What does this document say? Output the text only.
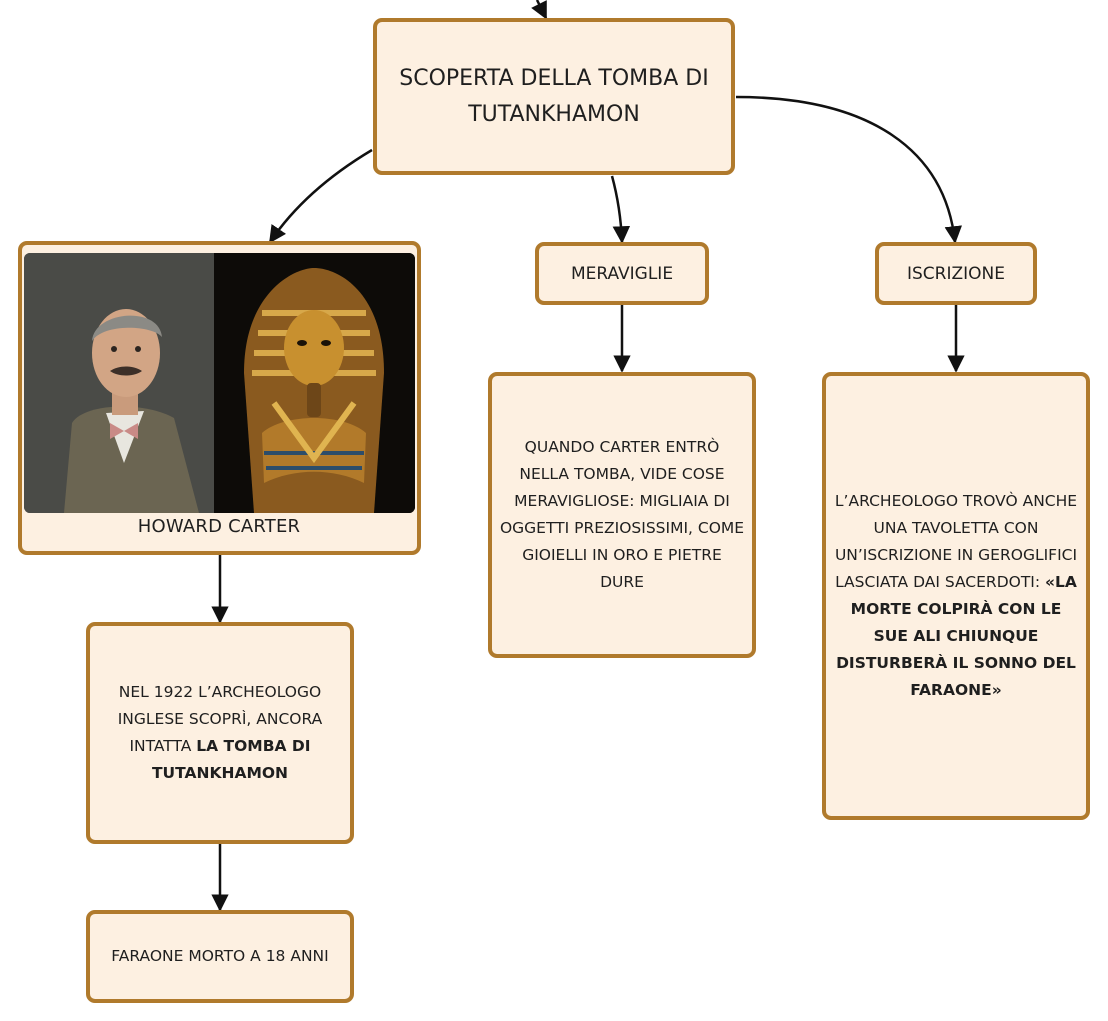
SCOPERTA DELLA TOMBA DI TUTANKHAMON
HOWARD CARTER
MERAVIGLIE	ISCRIZIONE
QUANDO CARTER ENTRÒ NELLA TOMBA, VIDE COSE MERAVIGLIOSE: MIGLIAIA DI OGGETTI PREZIOSISSIMI, COME GIOIELLI IN ORO E PIETRE DURE
L’ARCHEOLOGO TROVÒ ANCHE UNA TAVOLETTA CON UN’ISCRIZIONE IN GEROGLIFICI LASCIATA DAI SACERDOTI: «LA MORTE COLPIRÀ CON LE SUE ALI CHIUNQUE DISTURBERÀ IL SONNO DEL FARAONE»
NEL 1922 L’ARCHEOLOGO INGLESE SCOPRÌ, ANCORA INTATTA LA TOMBA DI TUTANKHAMON
FARAONE MORTO A 18 ANNI
